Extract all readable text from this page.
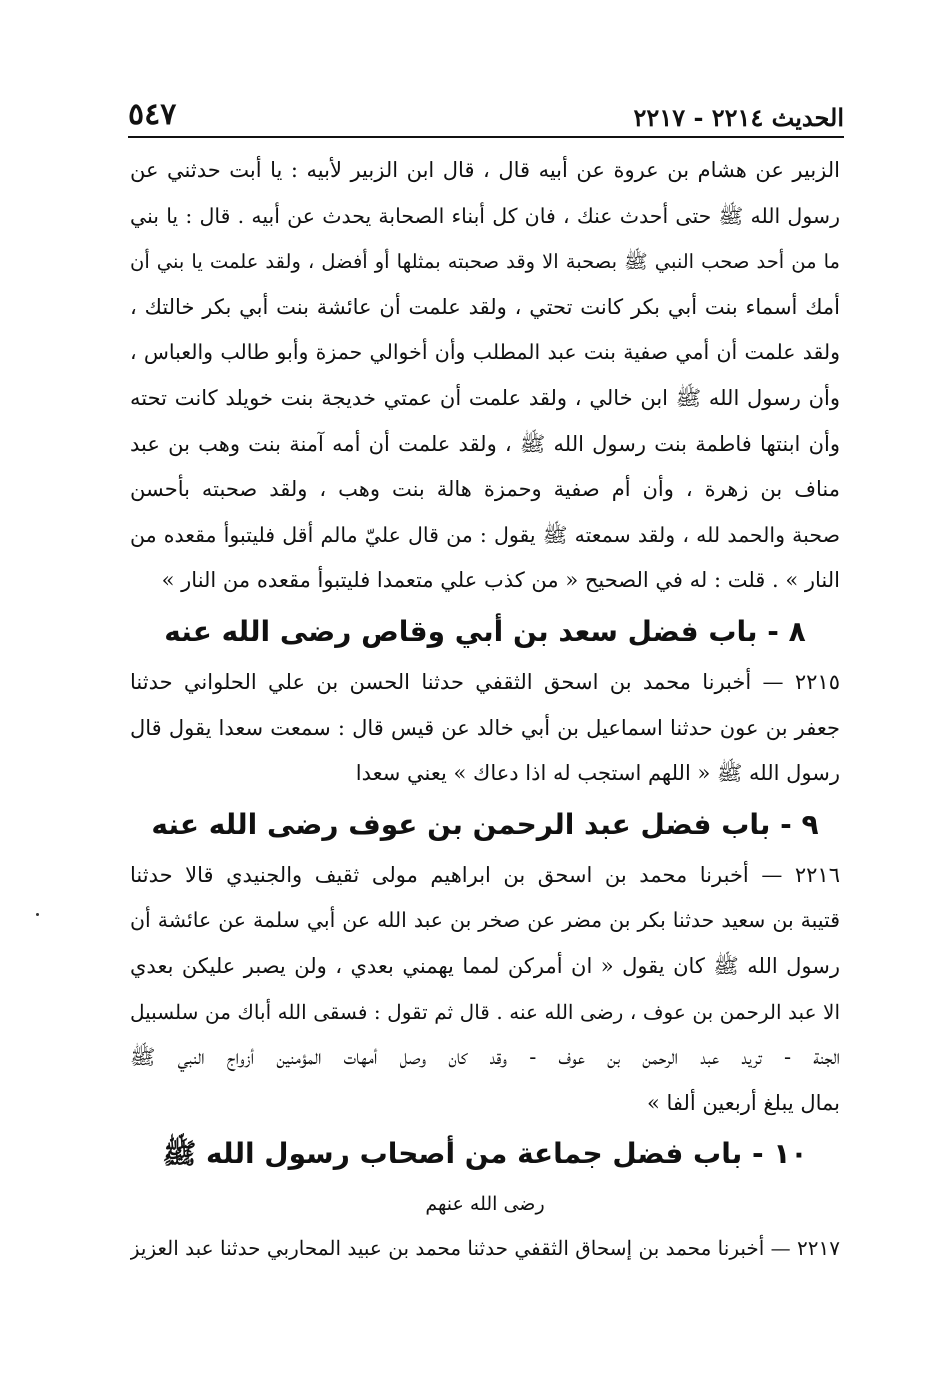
٥٤٧	الحديث ٢٢١٤ - ٢٢١٧
الزبير عن هشام بن عروة عن أبيه قال ، قال ابن الزبير لأبيه : يا أبت حدثني عن
رسول الله ﷺ حتى أحدث عنك ، فان كل أبناء الصحابة يحدث عن أبيه . قال : يا بني
ما من أحد صحب النبي ﷺ بصحبة الا وقد صحبته بمثلها أو أفضل ، ولقد علمت يا بني أن
أمك أسماء بنت أبي بكر كانت تحتي ، ولقد علمت أن عائشة بنت أبي بكر خالتك ،
ولقد علمت أن أمي صفية بنت عبد المطلب وأن أخوالي حمزة وأبو طالب والعباس ،
وأن رسول الله ﷺ ابن خالي ، ولقد علمت أن عمتي خديجة بنت خويلد كانت تحته
وأن ابنتها فاطمة بنت رسول الله ﷺ ، ولقد علمت أن أمه آمنة بنت وهب بن عبد
مناف بن زهرة ، وأن أم صفية وحمزة هالة بنت وهب ، ولقد صحبته بأحسن
صحبة والحمد لله ، ولقد سمعته ﷺ يقول : من قال عليّ مالم أقل فليتبوأ مقعده من
النار » . قلت : له في الصحيح « من كذب علي متعمدا فليتبوأ مقعده من النار »
٨ - باب فضل سعد بن أبي وقاص رضى الله عنه
٢٢١٥ — أخبرنا محمد بن اسحق الثقفي حدثنا الحسن بن علي الحلواني حدثنا
جعفر بن عون حدثنا اسماعيل بن أبي خالد عن قيس قال : سمعت سعدا يقول قال
رسول الله ﷺ « اللهم استجب له اذا دعاك » يعني سعدا
٩ - باب فضل عبد الرحمن بن عوف رضى الله عنه
٢٢١٦ — أخبرنا محمد بن اسحق بن ابراهيم مولى ثقيف والجنيدي قالا حدثنا
قتيبة بن سعيد حدثنا بكر بن مضر عن صخر بن عبد الله عن أبي سلمة عن عائشة أن
رسول الله ﷺ كان يقول « ان أمركن لمما يهمني بعدي ، ولن يصبر عليكن بعدي
الا عبد الرحمن بن عوف ، رضى الله عنه . قال ثم تقول : فسقى الله أباك من سلسبيل
الجنة - تريد عبد الرحمن بن عوف - وقد كان وصل أمهات المؤمنين أزواج النبي ﷺ
بمال يبلغ أربعين ألفا »
١٠ - باب فضل جماعة من أصحاب رسول الله ﷺ
رضى الله عنهم
٢٢١٧ — أخبرنا محمد بن إسحاق الثقفي حدثنا محمد بن عبيد المحاربي حدثنا عبد العزيز
